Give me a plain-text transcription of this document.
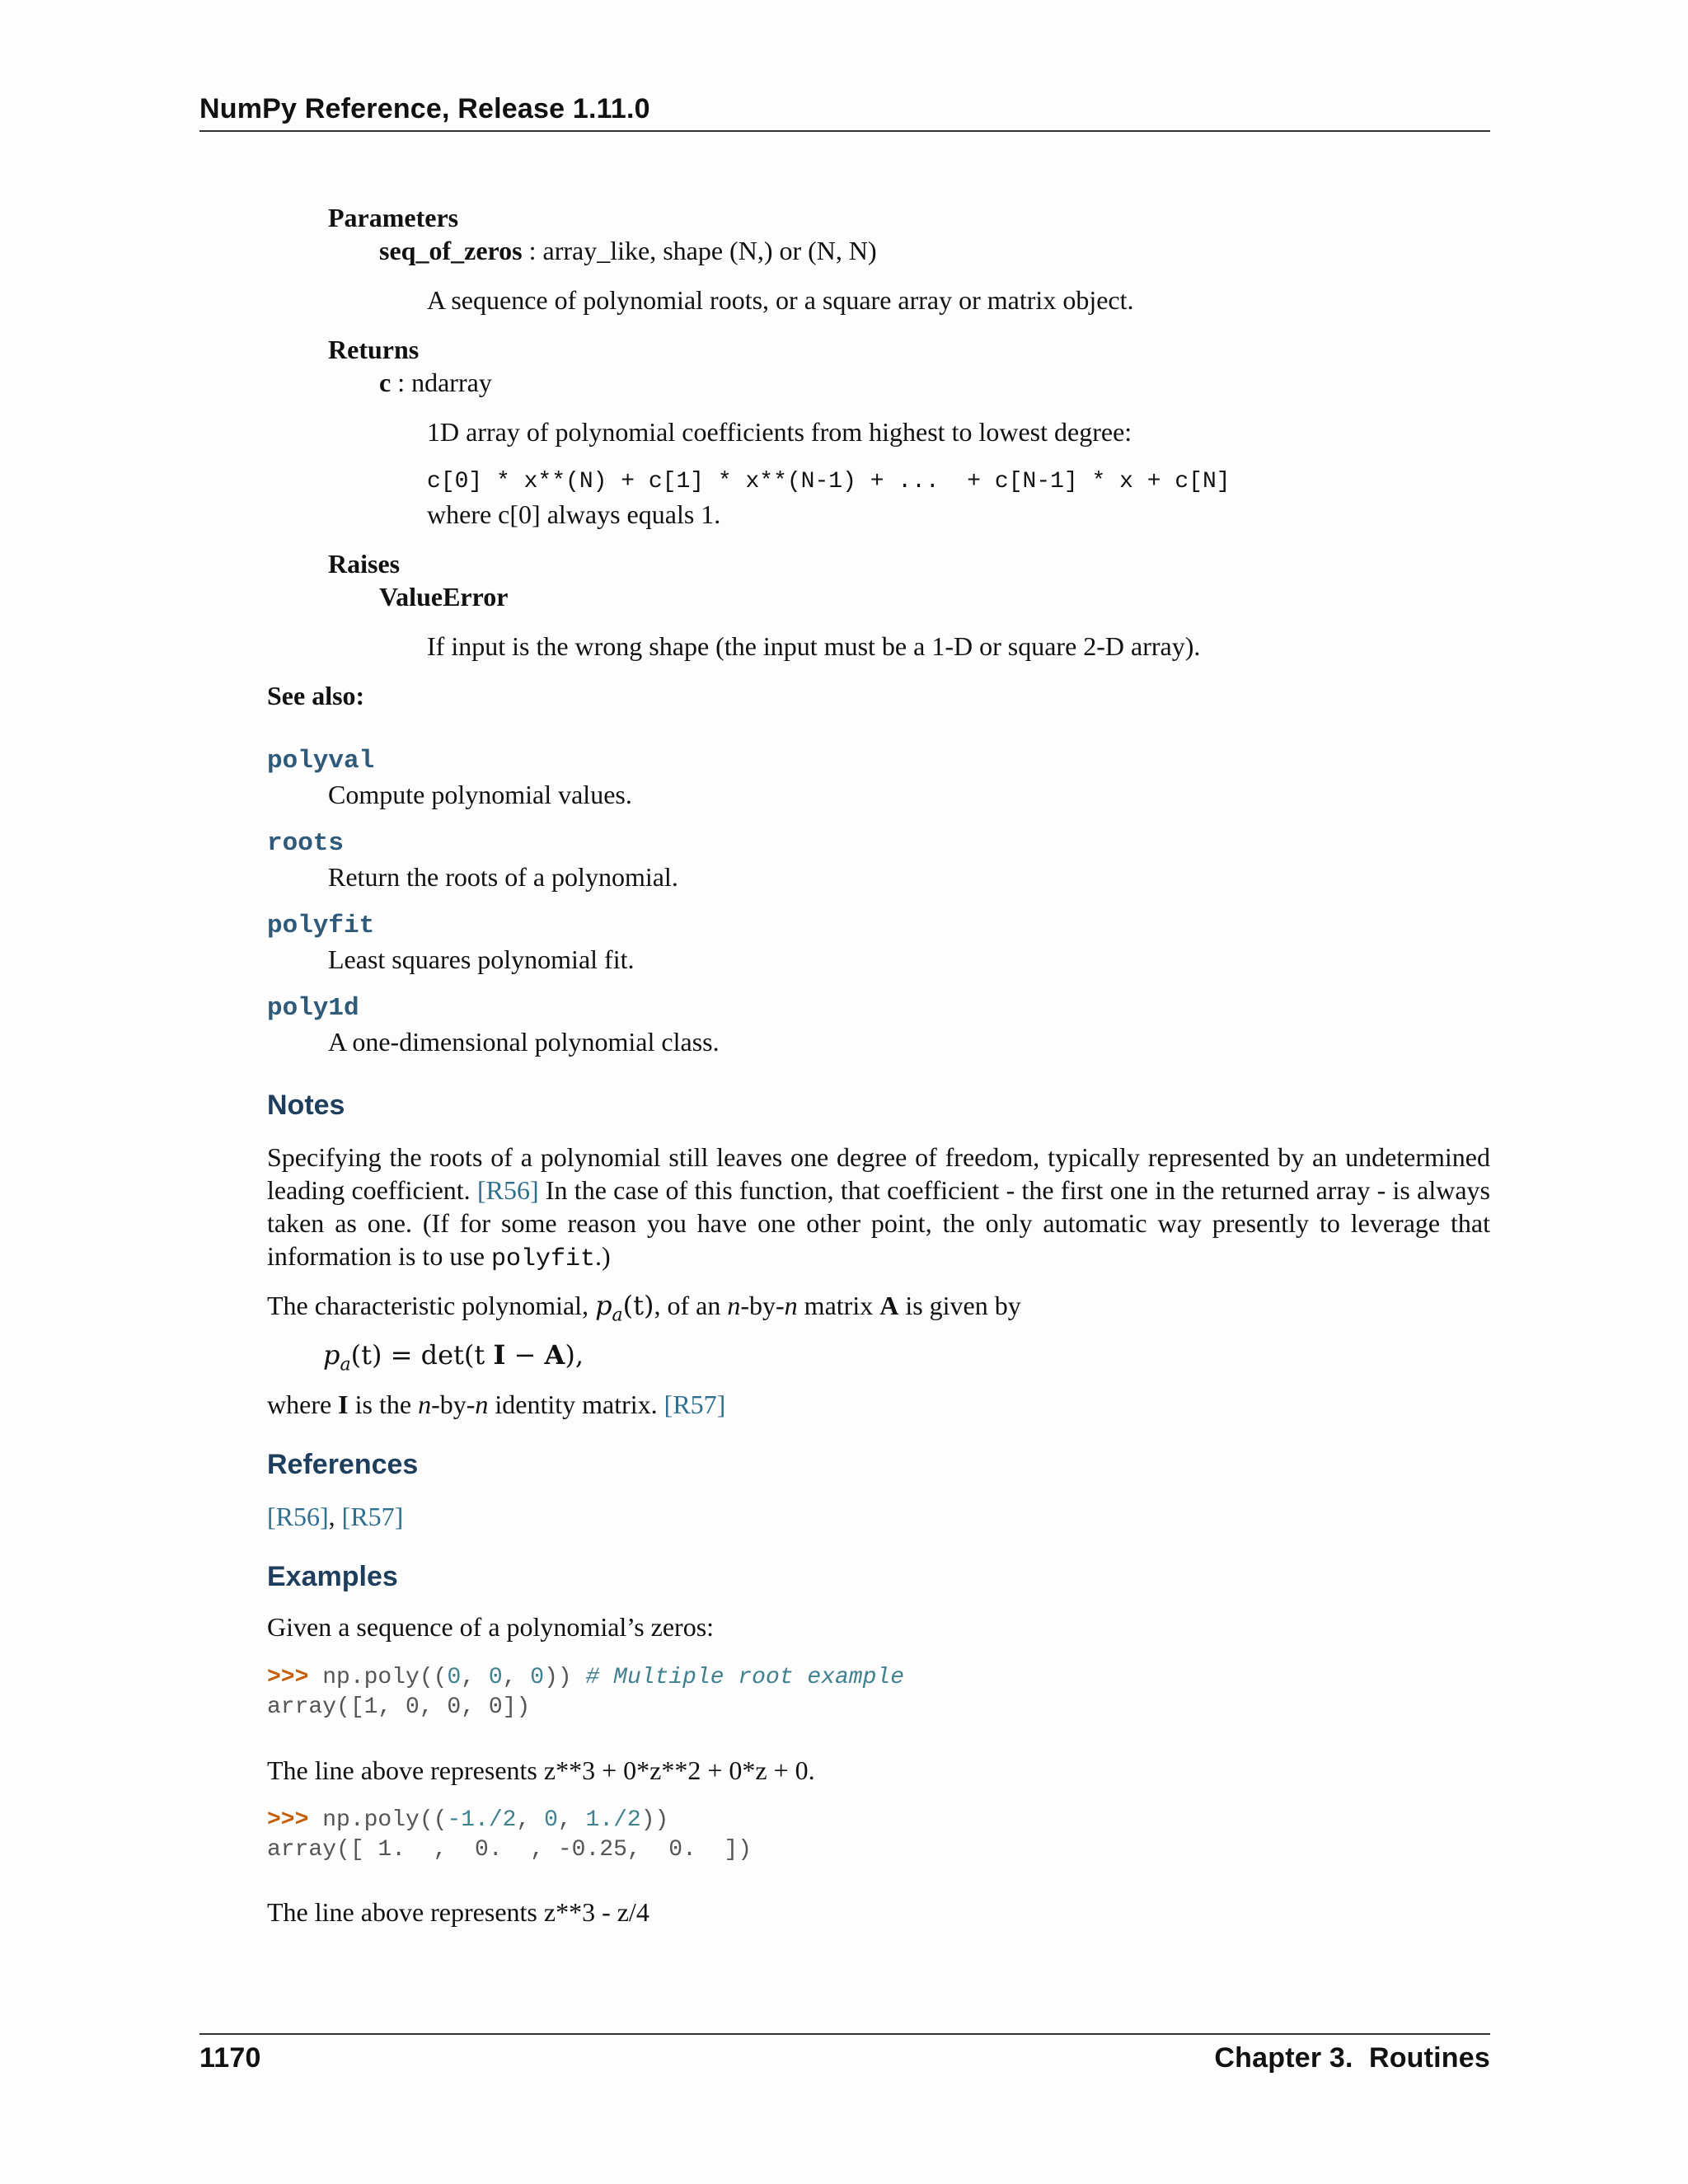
NumPy Reference, Release 1.11.0
Parameters
seq_of_zeros : array_like, shape (N,) or (N, N)
A sequence of polynomial roots, or a square array or matrix object.
Returns
c : ndarray
1D array of polynomial coefficients from highest to lowest degree:
c[0] * x**(N) + c[1] * x**(N-1) + ...  + c[N-1] * x + c[N]
where c[0] always equals 1.
Raises
ValueError
If input is the wrong shape (the input must be a 1-D or square 2-D array).
See also:
polyval
Compute polynomial values.
roots
Return the roots of a polynomial.
polyfit
Least squares polynomial fit.
poly1d
A one-dimensional polynomial class.
Notes
Specifying the roots of a polynomial still leaves one degree of freedom, typically represented by an undetermined leading coefficient. [R56] In the case of this function, that coefficient - the first one in the returned array - is always taken as one. (If for some reason you have one other point, the only automatic way presently to leverage that information is to use polyfit.)
The characteristic polynomial, $p_a(t)$, of an n-by-n matrix A is given by
$p_a(t) = \det(t$ I − A),
where I is the n-by-n identity matrix. [R57]
References
[R56], [R57]
Examples
Given a sequence of a polynomial’s zeros:
>>> np.poly((0, 0, 0)) # Multiple root example
array([1, 0, 0, 0])
The line above represents z**3 + 0*z**2 + 0*z + 0.
>>> np.poly((-1./2, 0, 1./2))
array([ 1.  ,  0.  , -0.25,  0.  ])
The line above represents z**3 - z/4
1170	Chapter 3.  Routines
